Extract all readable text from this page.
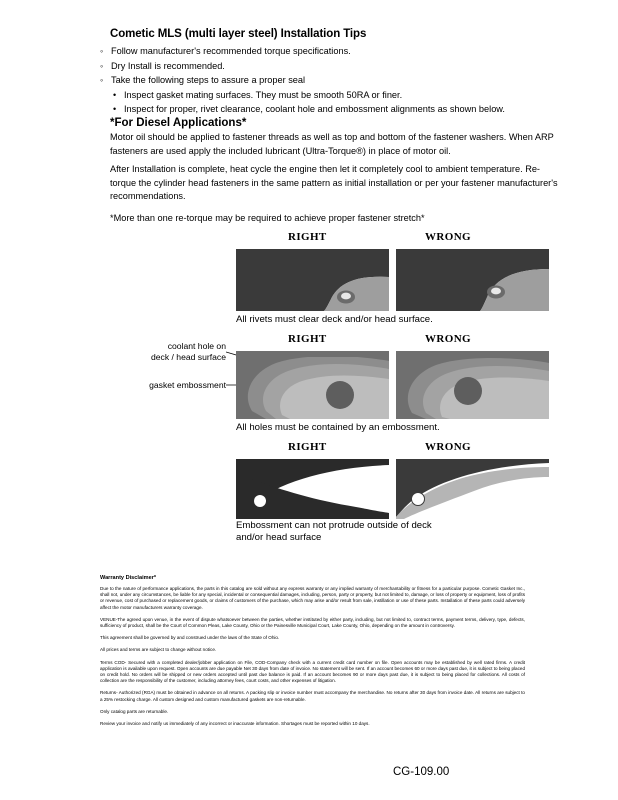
Cometic MLS (multi layer steel) Installation Tips
◦ Follow manufacturer's recommended torque specifications.
◦ Dry Install is recommended.
◦ Take the following steps to assure a proper seal
• Inspect gasket mating surfaces. They must be smooth 50RA or finer.
• Inspect for proper, rivet clearance, coolant hole and embossment alignments as shown below.
*For Diesel Applications*
Motor oil should be applied to fastener threads as well as top and bottom of the fastener washers. When ARP fasteners are used apply the included lubricant (Ultra-Torque®) in place of motor oil.
After Installation is complete, heat cycle the engine then let it completely cool to ambient temperature. Re-torque the cylinder head fasteners in the same pattern as initial installation or per your fastener manufacturer's recommendations.
*More than one re-torque may be required to achieve proper fastener stretch*
RIGHT	WRONG
All rivets must clear deck and/or head surface.
RIGHT	WRONG
coolant hole on
deck / head surface
gasket embossment
All holes must be contained by an embossment.
RIGHT	WRONG
Embossment can not protrude outside of deck
and/or head surface
Warranty Disclaimer*

Due to the nature of performance applications, the parts in this catalog are sold without any express warranty or any implied warranty of merchantability or fitness for a particular purpose. Cometic Gasket Inc., shall not, under any circumstances, be liable for any special, incidental or consequential damages, including, person, party or property, but not limited to, damage, or loss of property or equipment, loss of profits or revenue, cost of purchased or replacement goods, or claims of customers of the purchase, which may arise and/or result from sale, instillation or use of these parts. Installation of these parts could adversely affect the motor manufacturers warranty coverage.

VENUE-The agreed upon venue, in the event of dispute whatsoever between the parties, whether instituted by either party, including, but not limited to, contract terms, payment terms, delivery, type, defects, sufficiency of product, shall be the Court of Common Pleas, Lake County, Ohio or the Painesville Municipal Court, Lake County, Ohio, depending on the amount in controversy.

This agreement shall be governed by and construed under the laws of the State of Ohio.

All prices and terms are subject to change without notice.

Terms COD- Secured with a completed dealer/jobber application on File, COD-Company check with a current credit card number on file. Open accounts may be established by well rated firms. A credit application is available upon request. Open accounts are due payable Net 30 days from date of invoice. No statement will be sent. If an account becomes 60 or more days past due, it is subject to being placed on credit hold. No orders will be shipped or new orders accepted until past due balance is paid. If an account becomes 90 or more days past due, it is subject to being placed for collections. All costs of collection are the responsibility of the customer, including attorney fees, court costs, and other expenses of litigation.

Returns- Authorized (RGA) must be obtained in advance on all returns. A packing slip or invoice number must accompany the merchandise. No returns after 30 days from invoice date. All returns are subject to a 25% restocking charge. All custom designed and custom manufactured gaskets are non-returnable.

Only catalog parts are returnable.

Review your invoice and notify us immediately of any incorrect or inaccurate information. Shortages must be reported within 10 days.

CG-109.00
